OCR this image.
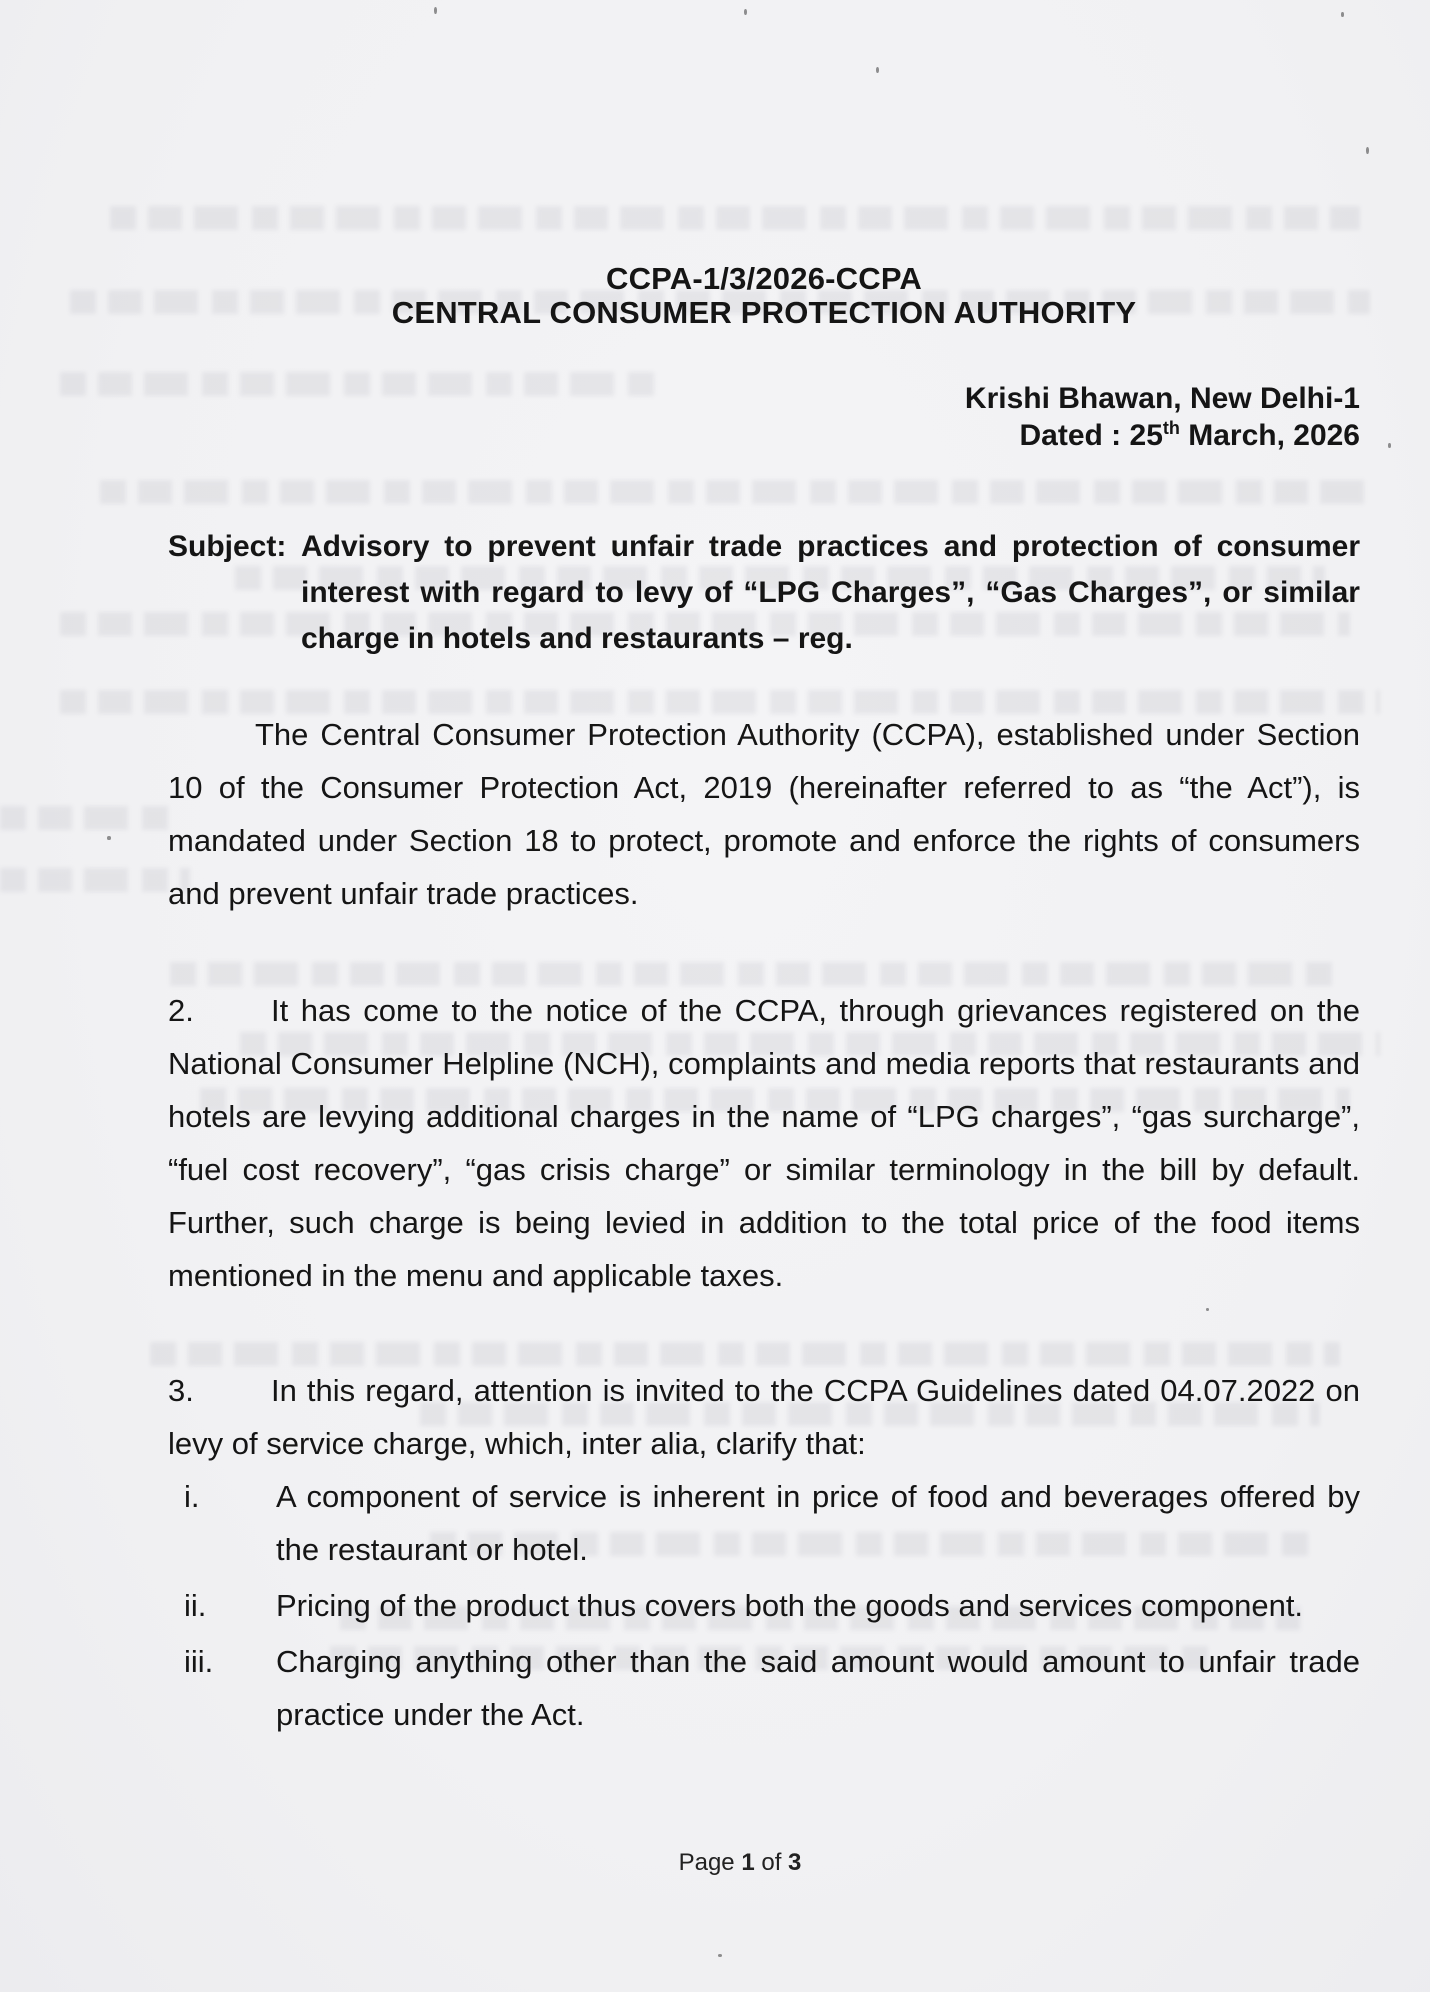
CCPA-1/3/2026-CCPA
CENTRAL CONSUMER PROTECTION AUTHORITY
Krishi Bhawan, New Delhi-1
Dated : 25th March, 2026
Subject: Advisory to prevent unfair trade practices and protection of consumer interest with regard to levy of “LPG Charges”, “Gas Charges”, or similar charge in hotels and restaurants – reg.

The Central Consumer Protection Authority (CCPA), established under Section 10 of the Consumer Protection Act, 2019 (hereinafter referred to as “the Act”), is mandated under Section 18 to protect, promote and enforce the rights of consumers and prevent unfair trade practices.

2. It has come to the notice of the CCPA, through grievances registered on the National Consumer Helpline (NCH), complaints and media reports that restaurants and hotels are levying additional charges in the name of “LPG charges”, “gas surcharge”, “fuel cost recovery”, “gas crisis charge” or similar terminology in the bill by default. Further, such charge is being levied in addition to the total price of the food items mentioned in the menu and applicable taxes.

3. In this regard, attention is invited to the CCPA Guidelines dated 04.07.2022 on levy of service charge, which, inter alia, clarify that:

i.	A component of service is inherent in price of food and beverages offered by the restaurant or hotel.
ii.	Pricing of the product thus covers both the goods and services component.
iii.	Charging anything other than the said amount would amount to unfair trade practice under the Act.
Page 1 of 3
